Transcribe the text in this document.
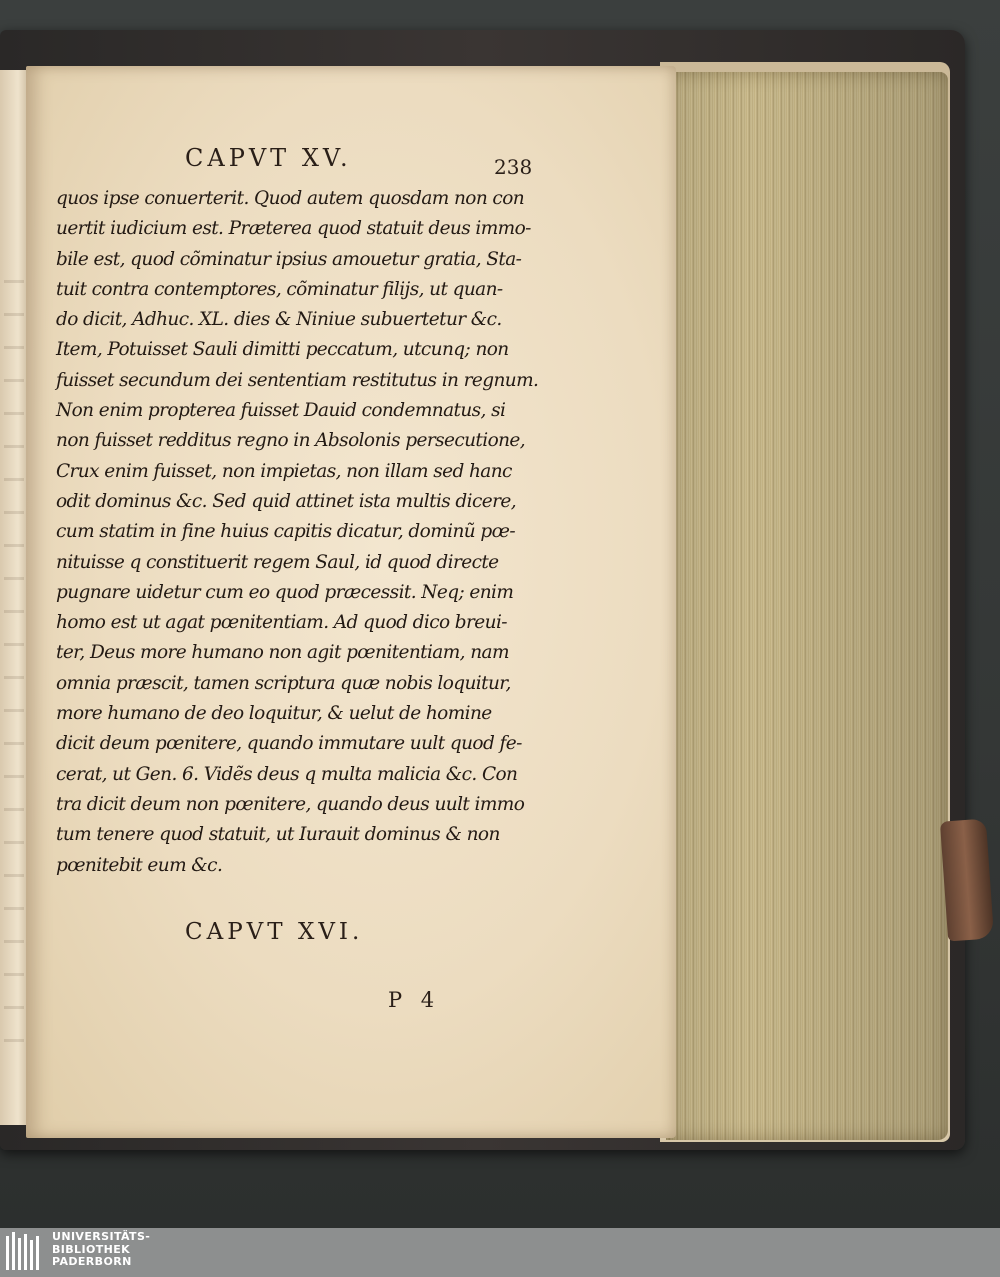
CAPVT XV.	238
quos ipse conuerterit. Quod autem quosdam non con
uertit iudicium est. Præterea quod statuit deus immo-
bile est, quod cõminatur ipsius amouetur gratia, Sta-
tuit contra contemptores, cõminatur filijs, ut quan-
do dicit, Adhuc. XL. dies & Niniue subuertetur &c.
Item, Potuisset Sauli dimitti peccatum, utcunq; non
fuisset secundum dei sententiam restitutus in regnum.
Non enim propterea fuisset Dauid condemnatus, si
non fuisset redditus regno in Absolonis persecutione,
Crux enim fuisset, non impietas, non illam sed hanc
odit dominus &c. Sed quid attinet ista multis dicere,
cum statim in fine huius capitis dicatur, dominũ pœ-
nituisse q constituerit regem Saul, id quod directe
pugnare uidetur cum eo quod præcessit. Neq; enim
homo est ut agat pœnitentiam. Ad quod dico breui-
ter, Deus more humano non agit pœnitentiam, nam
omnia præscit, tamen scriptura quæ nobis loquitur,
more humano de deo loquitur, & uelut de homine
dicit deum pœnitere, quando immutare uult quod fe-
cerat, ut Gen. 6. Vidẽs deus q multa malicia &c. Con
tra dicit deum non pœnitere, quando deus uult immo
tum tenere quod statuit, ut Iurauit dominus & non
pœnitebit eum &c.
CAPVT XVI.
P 4
UNIVERSITÄTS-
BIBLIOTHEK
PADERBORN
